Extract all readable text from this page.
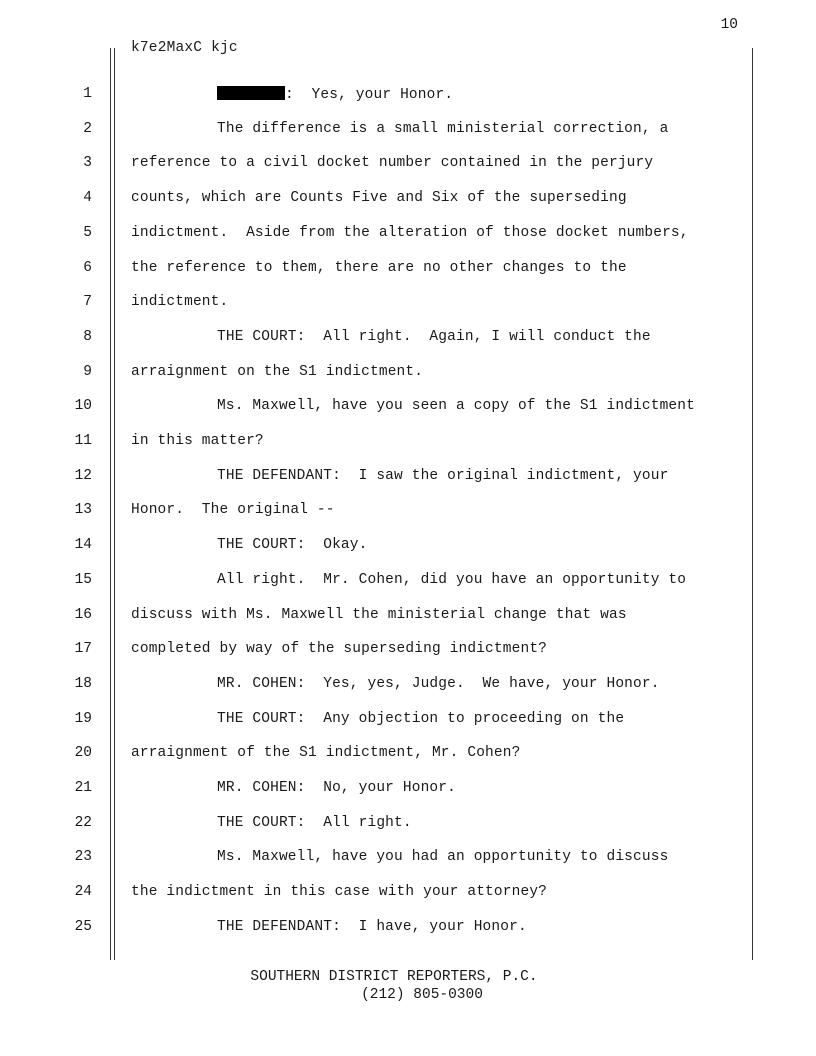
10
k7e2MaxC kjc
1	:  Yes, your Honor.
2	The difference is a small ministerial correction, a
3	reference to a civil docket number contained in the perjury
4	counts, which are Counts Five and Six of the superseding
5	indictment.  Aside from the alteration of those docket numbers,
6	the reference to them, there are no other changes to the
7	indictment.
8	THE COURT:  All right.  Again, I will conduct the
9	arraignment on the S1 indictment.
10	Ms. Maxwell, have you seen a copy of the S1 indictment
11	in this matter?
12	THE DEFENDANT:  I saw the original indictment, your
13	Honor.  The original --
14	THE COURT:  Okay.
15	All right.  Mr. Cohen, did you have an opportunity to
16	discuss with Ms. Maxwell the ministerial change that was
17	completed by way of the superseding indictment?
18	MR. COHEN:  Yes, yes, Judge.  We have, your Honor.
19	THE COURT:  Any objection to proceeding on the
20	arraignment of the S1 indictment, Mr. Cohen?
21	MR. COHEN:  No, your Honor.
22	THE COURT:  All right.
23	Ms. Maxwell, have you had an opportunity to discuss
24	the indictment in this case with your attorney?
25	THE DEFENDANT:  I have, your Honor.
SOUTHERN DISTRICT REPORTERS, P.C.
(212) 805-0300
